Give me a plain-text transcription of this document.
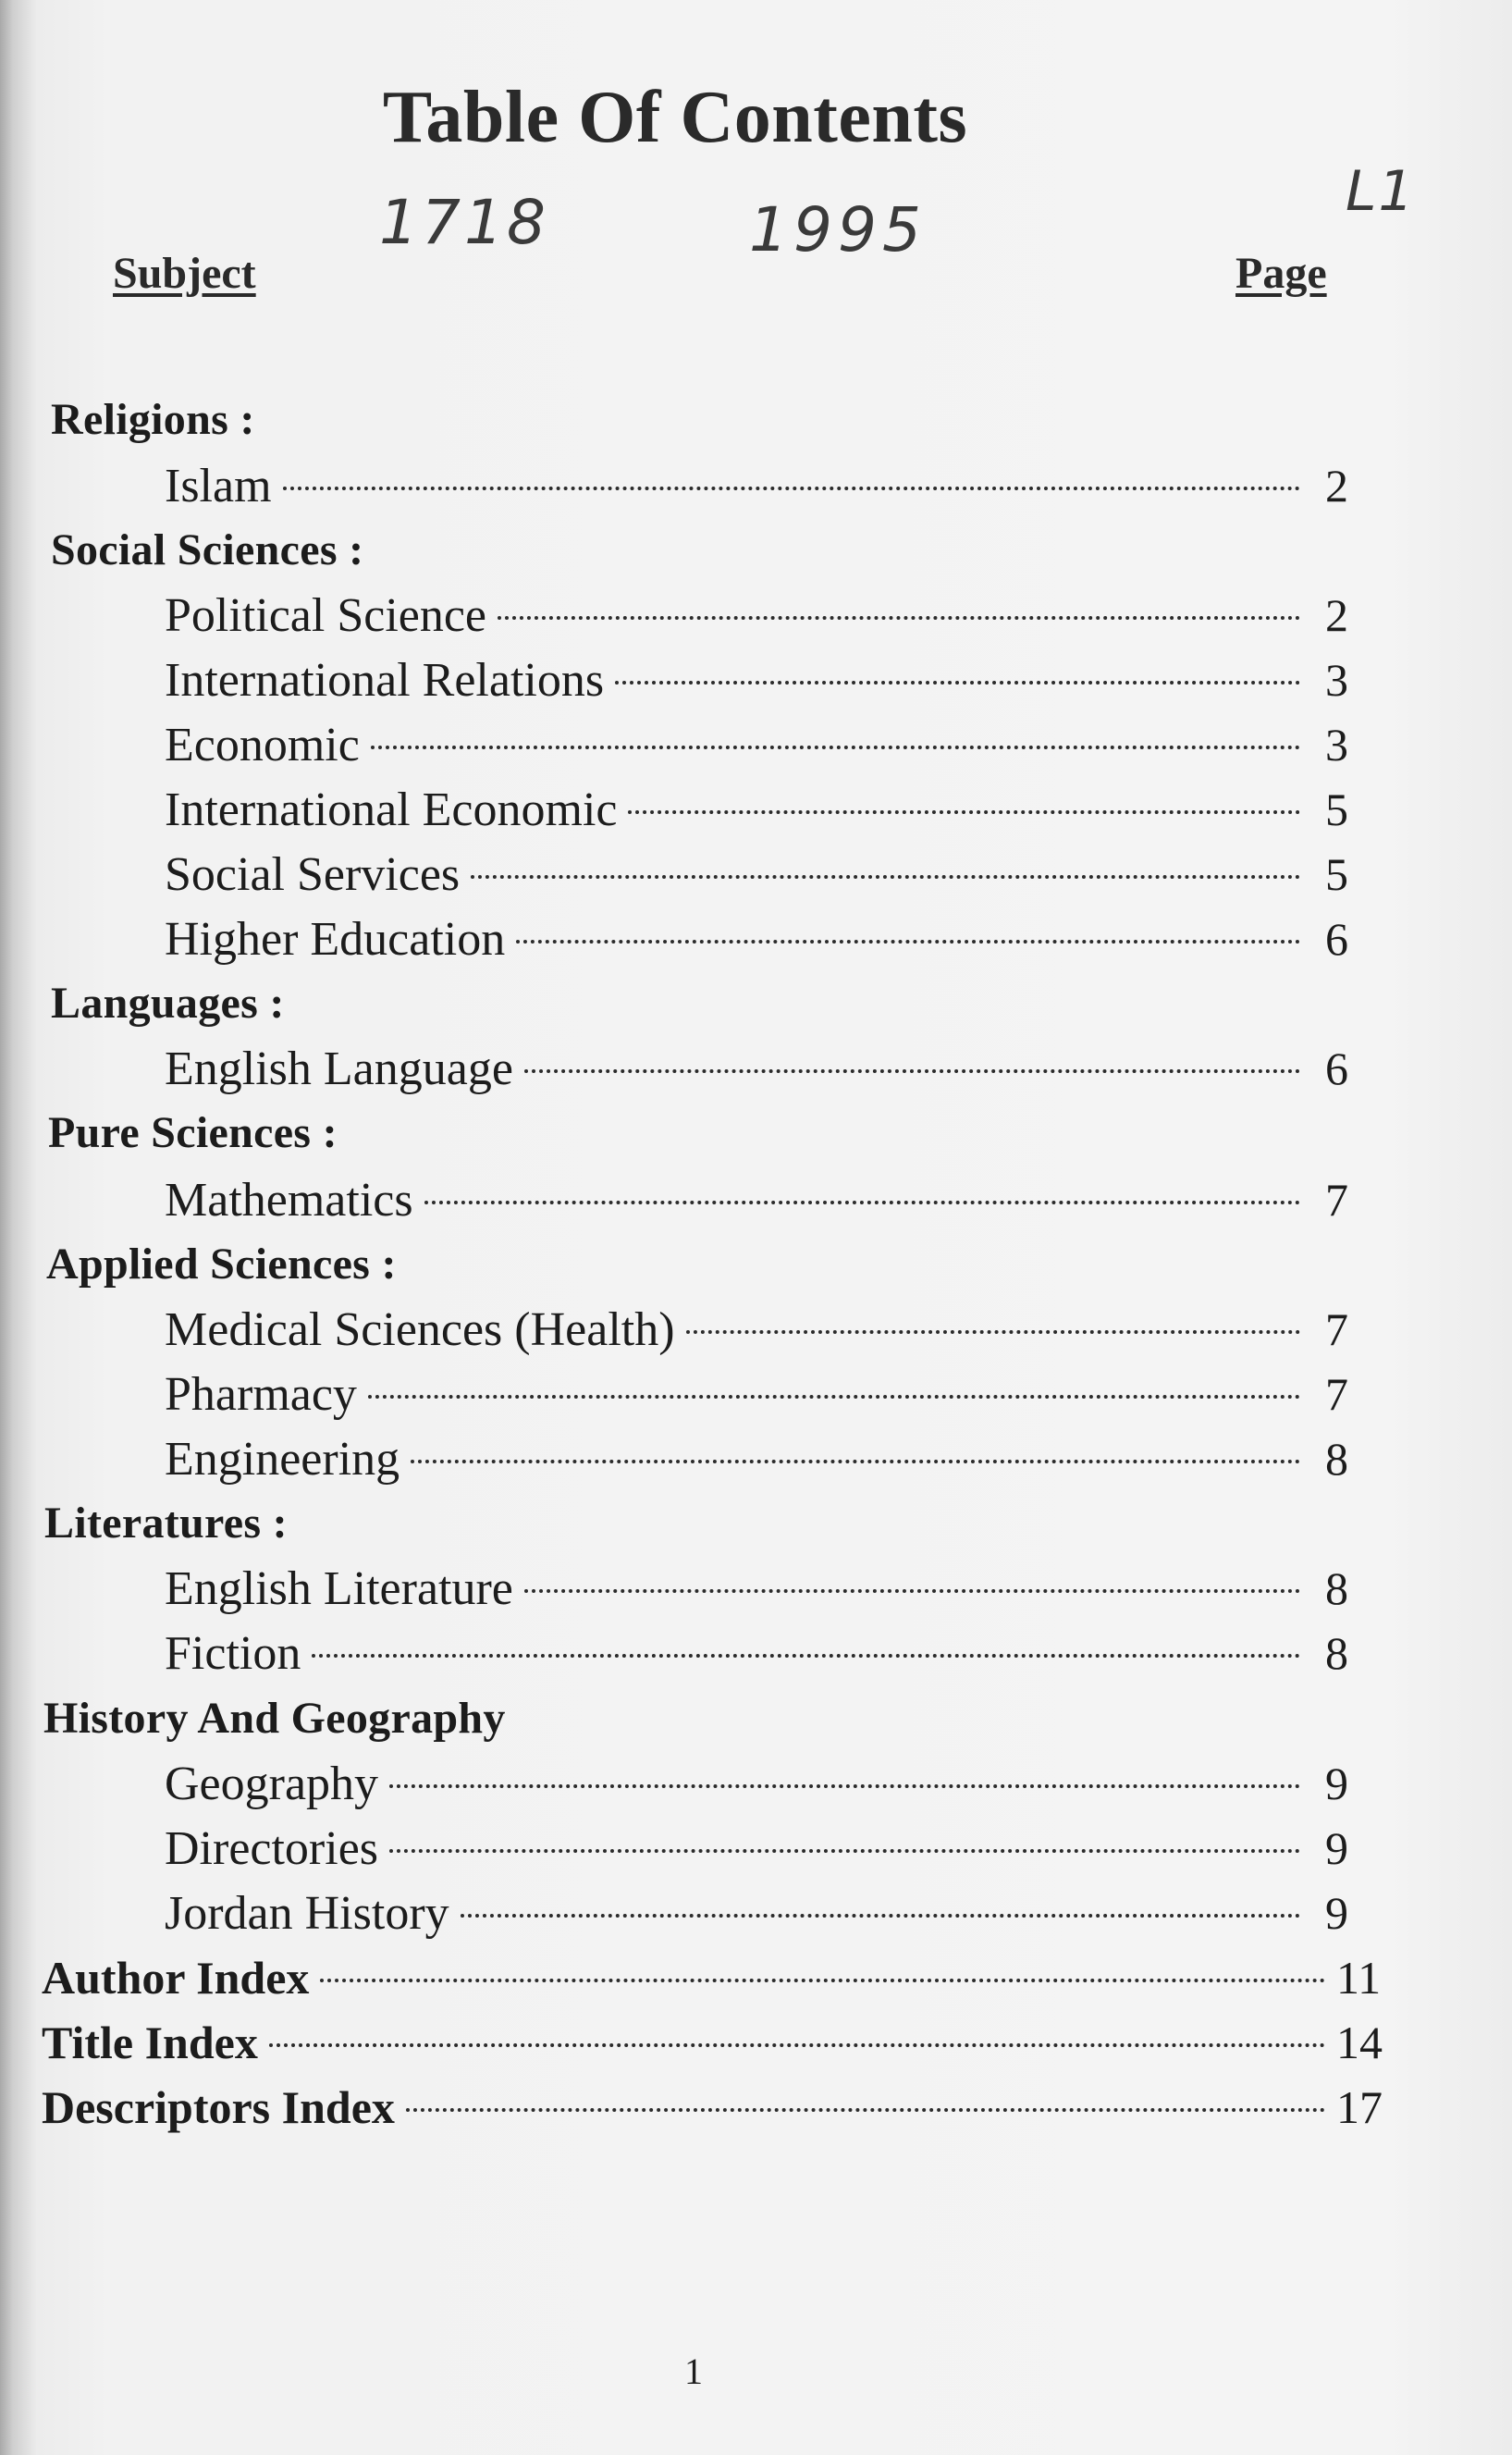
Table Of Contents
1718	1995
L1
Subject	Page
Religions :
Islam	2
Social Sciences :
Political Science	2
International Relations	3
Economic	3
International Economic	5
Social Services	5
Higher Education	6
Languages :
English Language	6
Pure Sciences :
Mathematics	7
Applied Sciences :
Medical Sciences (Health)	7
Pharmacy	7
Engineering	8
Literatures :
English Literature	8
Fiction	8
History And Geography
Geography	9
Directories	9
Jordan History	9
Author Index	11
Title Index	14
Descriptors Index	17
1
